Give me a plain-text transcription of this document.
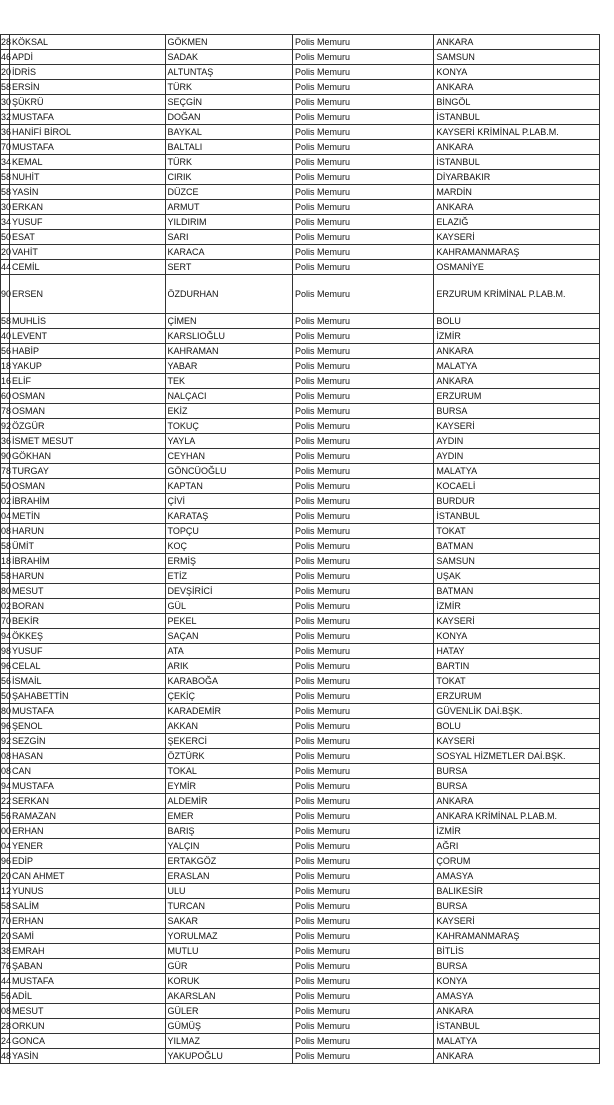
28	KÖKSAL	GÖKMEN	Polis Memuru	ANKARA
46	APDİ	SADAK	Polis Memuru	SAMSUN
20	İDRİS	ALTUNTAŞ	Polis Memuru	KONYA
58	ERSİN	TÜRK	Polis Memuru	ANKARA
30	ŞÜKRÜ	SEÇGİN	Polis Memuru	BİNGÖL
32	MUSTAFA	DOĞAN	Polis Memuru	İSTANBUL
36	HANİFİ BİROL	BAYKAL	Polis Memuru	KAYSERİ KRİMİNAL P.LAB.M.
70	MUSTAFA	BALTALI	Polis Memuru	ANKARA
34	KEMAL	TÜRK	Polis Memuru	İSTANBUL
58	NUHİT	CIRIK	Polis Memuru	DİYARBAKIR
58	YASİN	DÜZCE	Polis Memuru	MARDİN
30	ERKAN	ARMUT	Polis Memuru	ANKARA
34	YUSUF	YILDIRIM	Polis Memuru	ELAZIĞ
50	ESAT	SARI	Polis Memuru	KAYSERİ
20	VAHİT	KARACA	Polis Memuru	KAHRAMANMARAŞ
44	CEMİL	SERT	Polis Memuru	OSMANİYE
90	ERSEN	ÖZDURHAN	Polis Memuru	ERZURUM KRİMİNAL P.LAB.M.
58	MUHLİS	ÇİMEN	Polis Memuru	BOLU
40	LEVENT	KARSLIOĞLU	Polis Memuru	İZMİR
56	HABİP	KAHRAMAN	Polis Memuru	ANKARA
18	YAKUP	YABAR	Polis Memuru	MALATYA
16	ELİF	TEK	Polis Memuru	ANKARA
60	OSMAN	NALÇACI	Polis Memuru	ERZURUM
78	OSMAN	EKİZ	Polis Memuru	BURSA
92	ÖZGÜR	TOKUÇ	Polis Memuru	KAYSERİ
36	İSMET MESUT	YAYLA	Polis Memuru	AYDIN
90	GÖKHAN	CEYHAN	Polis Memuru	AYDIN
78	TURGAY	GÖNCÜOĞLU	Polis Memuru	MALATYA
50	OSMAN	KAPTAN	Polis Memuru	KOCAELİ
02	İBRAHİM	ÇİVİ	Polis Memuru	BURDUR
04	METİN	KARATAŞ	Polis Memuru	İSTANBUL
08	HARUN	TOPÇU	Polis Memuru	TOKAT
58	ÜMİT	KOÇ	Polis Memuru	BATMAN
18	İBRAHİM	ERMİŞ	Polis Memuru	SAMSUN
58	HARUN	ETİZ	Polis Memuru	UŞAK
80	MESUT	DEVŞİRİCİ	Polis Memuru	BATMAN
02	BORAN	GÜL	Polis Memuru	İZMİR
70	BEKİR	PEKEL	Polis Memuru	KAYSERİ
94	ÖKKEŞ	SAÇAN	Polis Memuru	KONYA
98	YUSUF	ATA	Polis Memuru	HATAY
96	CELAL	ARIK	Polis Memuru	BARTIN
56	İSMAİL	KARABOĞA	Polis Memuru	TOKAT
50	ŞAHABETTİN	ÇEKİÇ	Polis Memuru	ERZURUM
80	MUSTAFA	KARADEMİR	Polis Memuru	GÜVENLİK DAİ.BŞK.
96	ŞENOL	AKKAN	Polis Memuru	BOLU
92	SEZGİN	ŞEKERCİ	Polis Memuru	KAYSERİ
08	HASAN	ÖZTÜRK	Polis Memuru	SOSYAL HİZMETLER DAİ.BŞK.
08	CAN	TOKAL	Polis Memuru	BURSA
94	MUSTAFA	EYMİR	Polis Memuru	BURSA
22	SERKAN	ALDEMİR	Polis Memuru	ANKARA
56	RAMAZAN	EMER	Polis Memuru	ANKARA KRİMİNAL P.LAB.M.
00	ERHAN	BARIŞ	Polis Memuru	İZMİR
04	YENER	YALÇIN	Polis Memuru	AĞRI
96	EDİP	ERTAKGÖZ	Polis Memuru	ÇORUM
20	CAN AHMET	ERASLAN	Polis Memuru	AMASYA
12	YUNUS	ULU	Polis Memuru	BALIKESİR
58	SALİM	TURCAN	Polis Memuru	BURSA
70	ERHAN	SAKAR	Polis Memuru	KAYSERİ
20	SAMİ	YORULMAZ	Polis Memuru	KAHRAMANMARAŞ
38	EMRAH	MUTLU	Polis Memuru	BİTLİS
76	ŞABAN	GÜR	Polis Memuru	BURSA
44	MUSTAFA	KORUK	Polis Memuru	KONYA
56	ADİL	AKARSLAN	Polis Memuru	AMASYA
08	MESUT	GÜLER	Polis Memuru	ANKARA
28	ORKUN	GÜMÜŞ	Polis Memuru	İSTANBUL
24	GONCA	YILMAZ	Polis Memuru	MALATYA
48	YASİN	YAKUPOĞLU	Polis Memuru	ANKARA
